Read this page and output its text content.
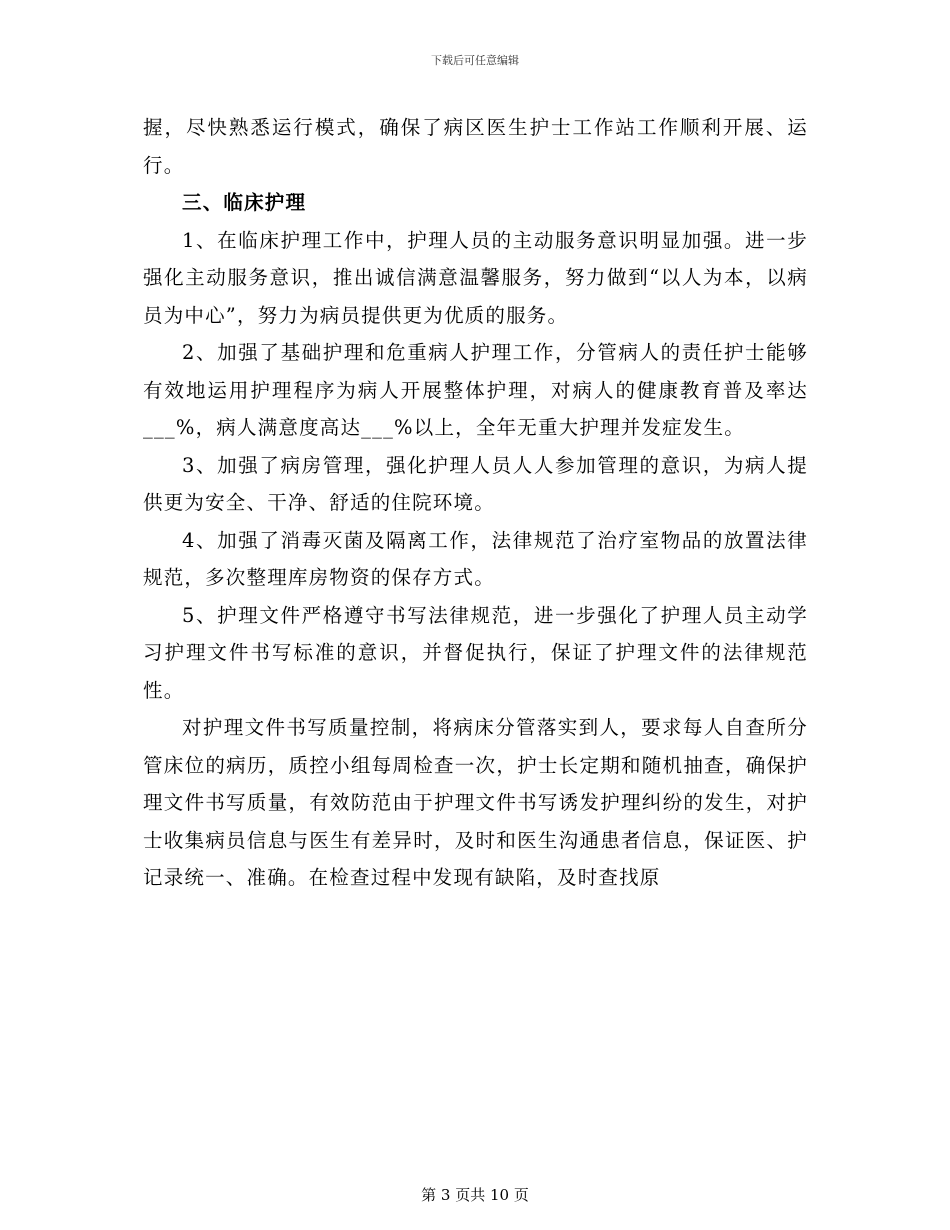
下载后可任意编辑

握，尽快熟悉运行模式，确保了病区医生护士工作站工作顺利开展、运行。

三、临床护理

1、在临床护理工作中，护理人员的主动服务意识明显加强。进一步强化主动服务意识，推出诚信满意温馨服务，努力做到“以人为本，以病员为中心”，努力为病员提供更为优质的服务。

2、加强了基础护理和危重病人护理工作，分管病人的责任护士能够有效地运用护理程序为病人开展整体护理，对病人的健康教育普及率达___%，病人满意度高达___%以上，全年无重大护理并发症发生。

3、加强了病房管理，强化护理人员人人参加管理的意识，为病人提供更为安全、干净、舒适的住院环境。

4、加强了消毒灭菌及隔离工作，法律规范了治疗室物品的放置法律规范，多次整理库房物资的保存方式。

5、护理文件严格遵守书写法律规范，进一步强化了护理人员主动学习护理文件书写标准的意识，并督促执行，保证了护理文件的法律规范性。

对护理文件书写质量控制，将病床分管落实到人，要求每人自查所分管床位的病历，质控小组每周检查一次，护士长定期和随机抽查，确保护理文件书写质量，有效防范由于护理文件书写诱发护理纠纷的发生，对护士收集病员信息与医生有差异时，及时和医生沟通患者信息，保证医、护记录统一、准确。在检查过程中发现有缺陷，及时查找原

第 3 页共 10 页
